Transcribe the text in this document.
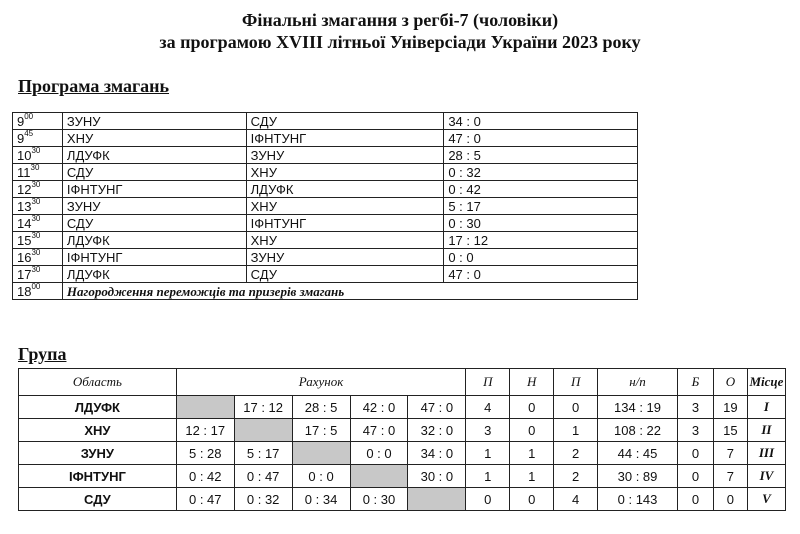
Фінальні змагання з регбі-7 (чоловіки)
за програмою XVIII літньої Універсіади України 2023 року
Програма змагань
$9^{00}$	ЗУНУ	СДУ	34 : 0
$9^{45}$	ХНУ	ІФНТУНГ	47 : 0
$10^{30}$	ЛДУФК	ЗУНУ	28 : 5
$11^{30}$	СДУ	ХНУ	0 : 32
$12^{30}$	ІФНТУНГ	ЛДУФК	0 : 42
$13^{30}$	ЗУНУ	ХНУ	5 : 17
$14^{30}$	СДУ	ІФНТУНГ	0 : 30
$15^{30}$	ЛДУФК	ХНУ	17 : 12
$16^{30}$	ІФНТУНГ	ЗУНУ	0 : 0
$17^{30}$	ЛДУФК	СДУ	47 : 0
$18^{00}$	Нагородження переможців та призерів змагань		
Група
Область	Рахунок					П	Н	П	н/п	Б	О	Місце
ЛДУФК		17 : 12	28 : 5	42 : 0	47 : 0	4	0	0	134 : 19	3	19	I
ХНУ	12 : 17		17 : 5	47 : 0	32 : 0	3	0	1	108 : 22	3	15	II
ЗУНУ	5 : 28	5 : 17		0 : 0	34 : 0	1	1	2	44 : 45	0	7	III
ІФНТУНГ	0 : 42	0 : 47	0 : 0		30 : 0	1	1	2	30 : 89	0	7	IV
СДУ	0 : 47	0 : 32	0 : 34	0 : 30		0	0	4	0 : 143	0	0	V
